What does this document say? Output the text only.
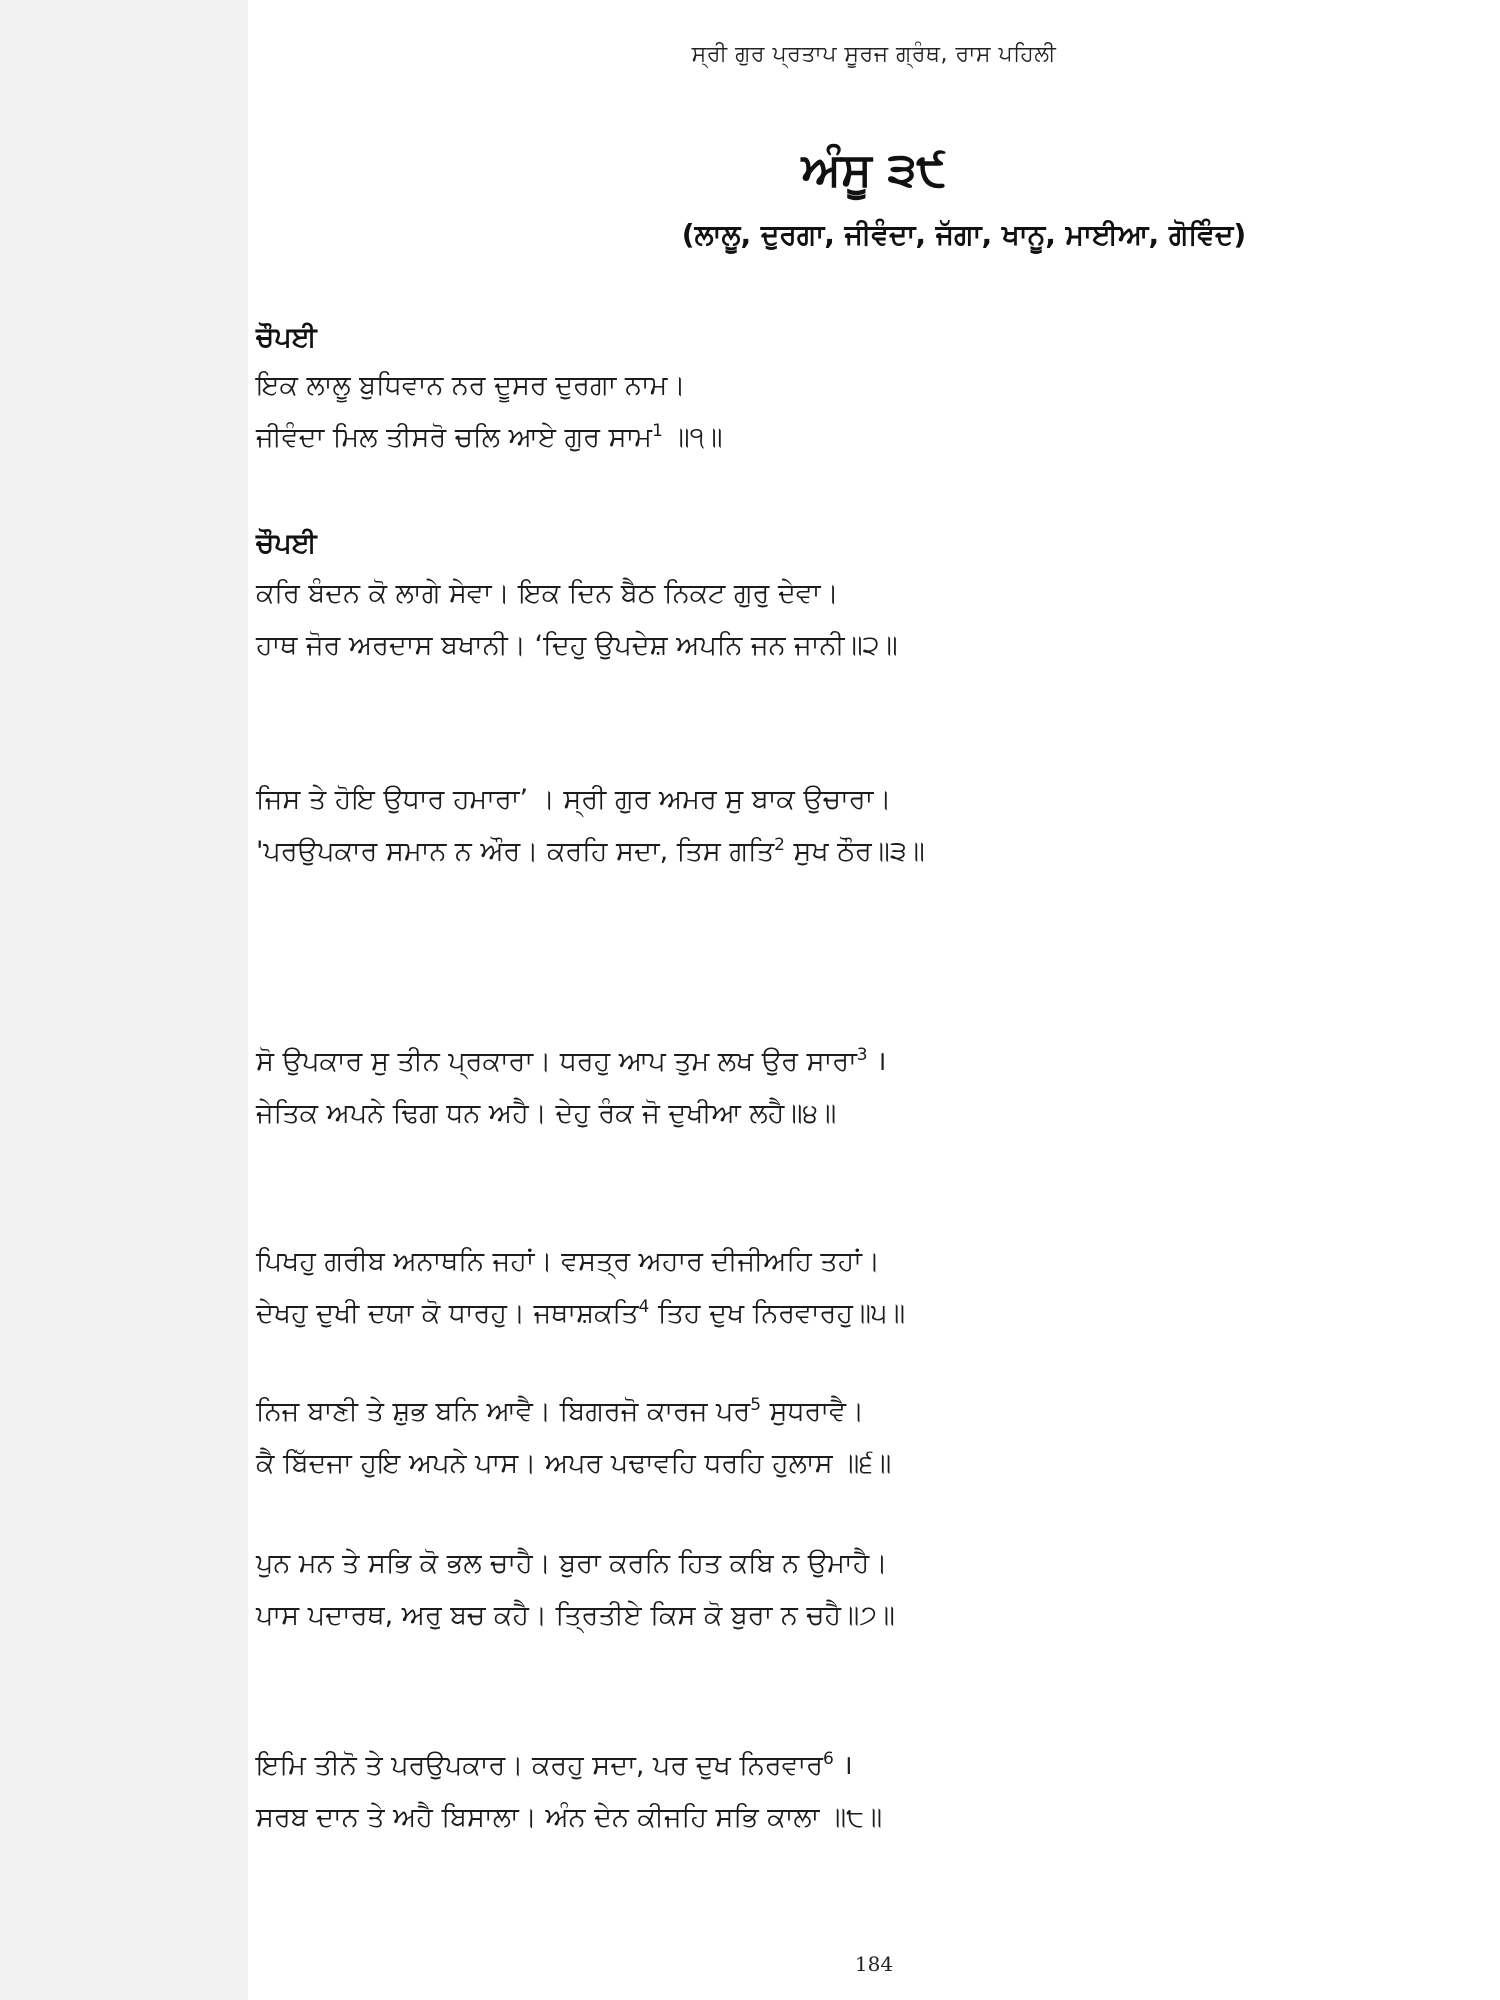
ਸ੍ਰੀ ਗੁਰ ਪ੍ਰਤਾਪ ਸੂਰਜ ਗ੍ਰੰਥ, ਰਾਸ ਪਹਿਲੀ
ਅੰਸੂ ੩੯
(ਲਾਲੂ, ਦੁਰਗਾ, ਜੀਵੰਦਾ, ਜੱਗਾ, ਖਾਨੂ, ਮਾਈਆ, ਗੋਵਿੰਦ)
ਚੌਪਈ
ਇਕ ਲਾਲੂ ਬੁਧਿਵਾਨ ਨਰ ਦੂਸਰ ਦੁਰਗਾ ਨਾਮ।
ਜੀਵੰਦਾ ਮਿਲ ਤੀਸਰੋ ਚਲਿ ਆਏ ਗੁਰ ਸਾਮ$^1$ ॥੧॥
ਚੌਪਈ
ਕਰਿ ਬੰਦਨ ਕੋ ਲਾਗੇ ਸੇਵਾ। ਇਕ ਦਿਨ ਬੈਠ ਨਿਕਟ ਗੁਰੁ ਦੇਵਾ।
ਹਾਥ ਜੋਰ ਅਰਦਾਸ ਬਖਾਨੀ। ‘ਦਿਹੁ ਉਪਦੇਸ਼ ਅਪਨਿ ਜਨ ਜਾਨੀ॥੨॥
ਜਿਸ ਤੇ ਹੋਇ ਉਧਾਰ ਹਮਾਰਾ’ । ਸ੍ਰੀ ਗੁਰ ਅਮਰ ਸੁ ਬਾਕ ਉਚਾਰਾ।
'ਪਰਉਪਕਾਰ ਸਮਾਨ ਨ ਔਰ। ਕਰਹਿ ਸਦਾ, ਤਿਸ ਗਤਿ$^2$ ਸੁਖ ਠੌਰ॥੩॥
ਸੋ ਉਪਕਾਰ ਸੁ ਤੀਨ ਪ੍ਰਕਾਰਾ। ਧਰਹੁ ਆਪ ਤੁਮ ਲਖ ਉਰ ਸਾਰਾ$^3$ ।
ਜੇਤਿਕ ਅਪਨੇ ਢਿਗ ਧਨ ਅਹੈ। ਦੇਹੁ ਰੰਕ ਜੋ ਦੁਖੀਆ ਲਹੈ॥੪॥
ਪਿਖਹੁ ਗਰੀਬ ਅਨਾਥਨਿ ਜਹਾਂ। ਵਸਤ੍ਰ ਅਹਾਰ ਦੀਜੀਅਹਿ ਤਹਾਂ।
ਦੇਖਹੁ ਦੁਖੀ ਦਯਾ ਕੋ ਧਾਰਹੁ। ਜਥਾਸ਼ਕਤਿ$^4$ ਤਿਹ ਦੁਖ ਨਿਰਵਾਰਹੁ॥੫॥
ਨਿਜ ਬਾਣੀ ਤੇ ਸ਼ੁਭ ਬਨਿ ਆਵੈ। ਬਿਗਰਜੋ ਕਾਰਜ ਪਰ$^5$ ਸੁਧਰਾਵੈ।
ਕੈ ਬਿੱਦਜਾ ਹੁਇ ਅਪਨੇ ਪਾਸ। ਅਪਰ ਪਢਾਵਹਿ ਧਰਹਿ ਹੁਲਾਸ ॥੬॥
ਪੁਨ ਮਨ ਤੇ ਸਭਿ ਕੋ ਭਲ ਚਾਹੈ। ਬੁਰਾ ਕਰਨਿ ਹਿਤ ਕਬਿ ਨ ਉਮਾਹੈ।
ਪਾਸ ਪਦਾਰਥ, ਅਰੁ ਬਚ ਕਹੈ। ਤ੍ਰਿਤੀਏ ਕਿਸ ਕੋ ਬੁਰਾ ਨ ਚਹੈ॥੭॥
ਇਮਿ ਤੀਨੋ ਤੇ ਪਰਉਪਕਾਰ। ਕਰਹੁ ਸਦਾ, ਪਰ ਦੁਖ ਨਿਰਵਾਰ$^6$ ।
ਸਰਬ ਦਾਨ ਤੇ ਅਹੈ ਬਿਸਾਲਾ। ਅੰਨ ਦੇਨ ਕੀਜਹਿ ਸਭਿ ਕਾਲਾ ॥੮॥
184
